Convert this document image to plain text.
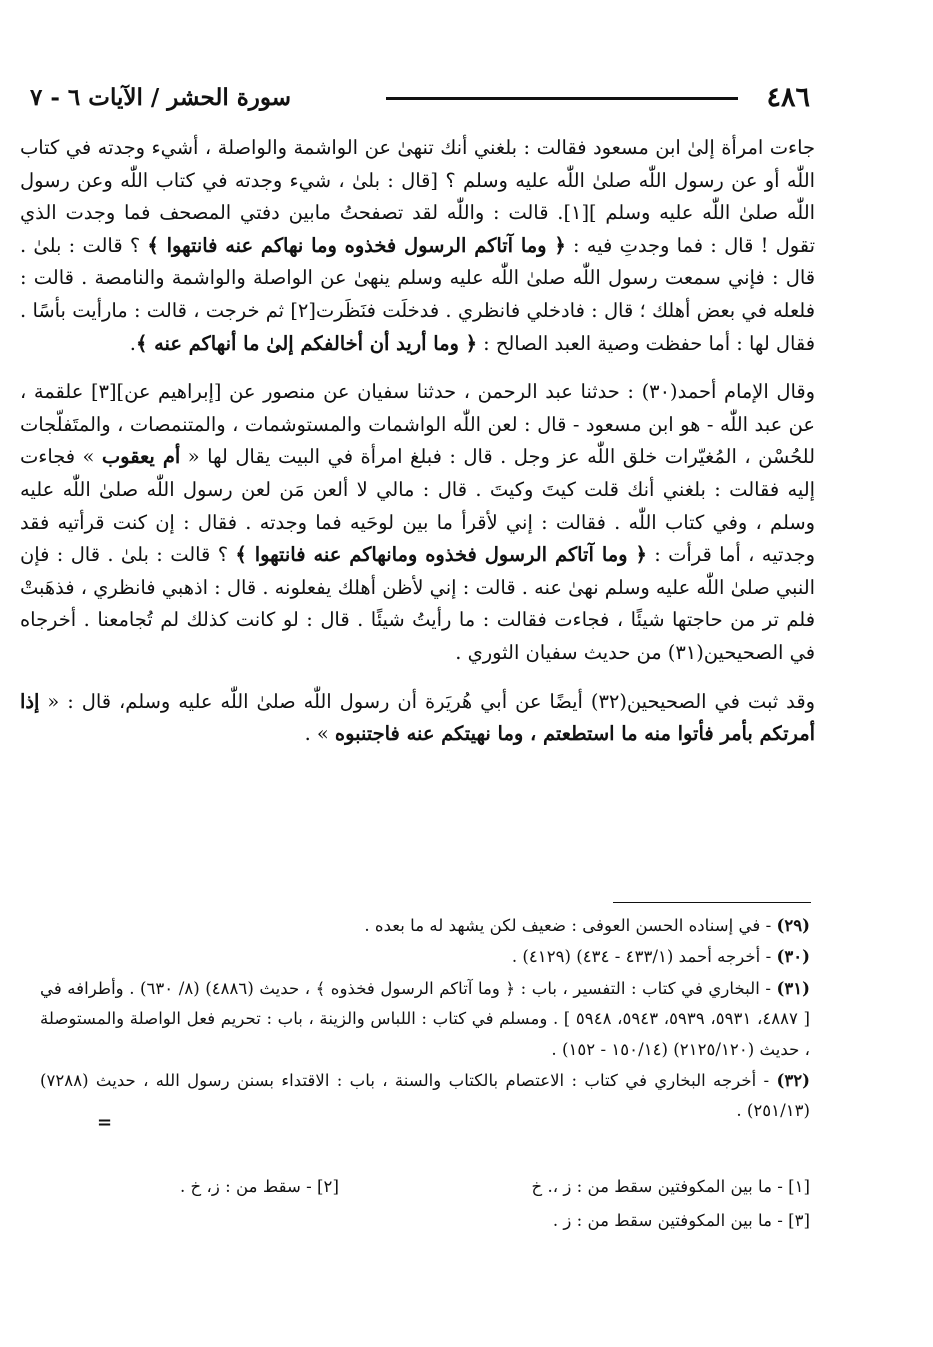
٤٨٦
سورة الحشر / الآيات ٦ - ٧

جاءت امرأة إلىٰ ابن مسعود فقالت : بلغني أنك تنهىٰ عن الواشمة والواصلة ، أشيء وجدته في كتاب اللّٰه أو عن رسول اللّٰه صلىٰ اللّٰه عليه وسلم ؟ [قال : بلىٰ ، شيء وجدته في كتاب اللّٰه وعن رسول اللّٰه صلىٰ اللّٰه عليه وسلم ][١]. قالت : واللّٰه لقد تصفحتُ مابين دفتي المصحف فما وجدت الذي تقول ! قال : فما وجدتِ فيه : ﴿ وما آتاكم الرسول فخذوه وما نهاكم عنه فانتهوا ﴾ ؟ قالت : بلىٰ . قال : فإني سمعت رسول اللّٰه صلىٰ اللّٰه عليه وسلم ينهىٰ عن الواصلة والواشمة والنامصة . قالت : فلعله في بعض أهلك ؛ قال : فادخلي فانظري . فدخلَت فنَظَرت[٢] ثم خرجت ، قالت : مارأيت بأسًا . فقال لها : أما حفظت وصية العبد الصالح : ﴿ وما أريد أن أخالفكم إلىٰ ما أنهاكم عنه ﴾.

وقال الإمام أحمد(٣٠) : حدثنا عبد الرحمن ، حدثنا سفيان عن منصور عن [إبراهيم عن][٣] علقمة ، عن عبد اللّٰه - هو ابن مسعود - قال : لعن اللّٰه الواشمات والمستوشمات ، والمتنمصات ، والمتَفلّجات للحُسْن ، المُغيّرات خلق اللّٰه عز وجل . قال : فبلغ امرأة في البيت يقال لها « أم يعقوب » فجاءت إليه فقالت : بلغني أنك قلت كيتَ وكيتَ . قال : مالي لا ألعن مَن لعن رسول اللّٰه صلىٰ اللّٰه عليه وسلم ، وفي كتاب اللّٰه . فقالت : إني لأقرأ ما بين لوحَيه فما وجدته . فقال : إن كنت قرأتيه فقد وجدتيه ، أما قرأت : ﴿ وما آتاكم الرسول فخذوه ومانهاكم عنه فانتهوا ﴾ ؟ قالت : بلىٰ . قال : فإن النبي صلىٰ اللّٰه عليه وسلم نهىٰ عنه . قالت : إني لأظن أهلك يفعلونه . قال : اذهبي فانظري ، فذهَبتْ فلم تر من حاجتها شيئًا ، فجاءت فقالت : ما رأيتُ شيئًا . قال : لو كانت كذلك لم تُجامعنا . أخرجاه في الصحيحين(٣١) من حديث سفيان الثوري .

وقد ثبت في الصحيحين(٣٢) أيضًا عن أبي هُريَرة أن رسول اللّٰه صلىٰ اللّٰه عليه وسلم، قال : « إذا أمرتكم بأمر فأتوا منه ما استطعتم ، وما نهيتكم عنه فاجتنبوه » .

(٢٩) - في إسناده الحسن العوفى : ضعيف لكن يشهد له ما بعده .

(٣٠) - أخرجه أحمد (٤٣٣/١ - ٤٣٤) (٤١٢٩) .

(٣١) - البخاري في كتاب : التفسير ، باب : ﴿ وما آتاكم الرسول فخذوه ﴾ ، حديث (٤٨٨٦) (٨/ ٦٣٠) . وأطرافه في [ ٤٨٨٧، ٥٩٣١، ٥٩٣٩، ٥٩٤٣، ٥٩٤٨ ] . ومسلم في كتاب : اللباس والزينة ، باب : تحريم فعل الواصلة والمستوصلة ، حديث (٢١٢٥/١٢٠) (١٥٠/١٤ - ١٥٢) .

(٣٢) - أخرجه البخاري في كتاب : الاعتصام بالكتاب والسنة ، باب : الاقتداء بسنن رسول الله ، حديث (٧٢٨٨) (٢٥١/١٣) .

=
[١] - ما بين المكوفتين سقط من : ز ،. خ
[٢] - سقط من : ز، خ .
[٣] - ما بين المكوفتين سقط من : ز .
